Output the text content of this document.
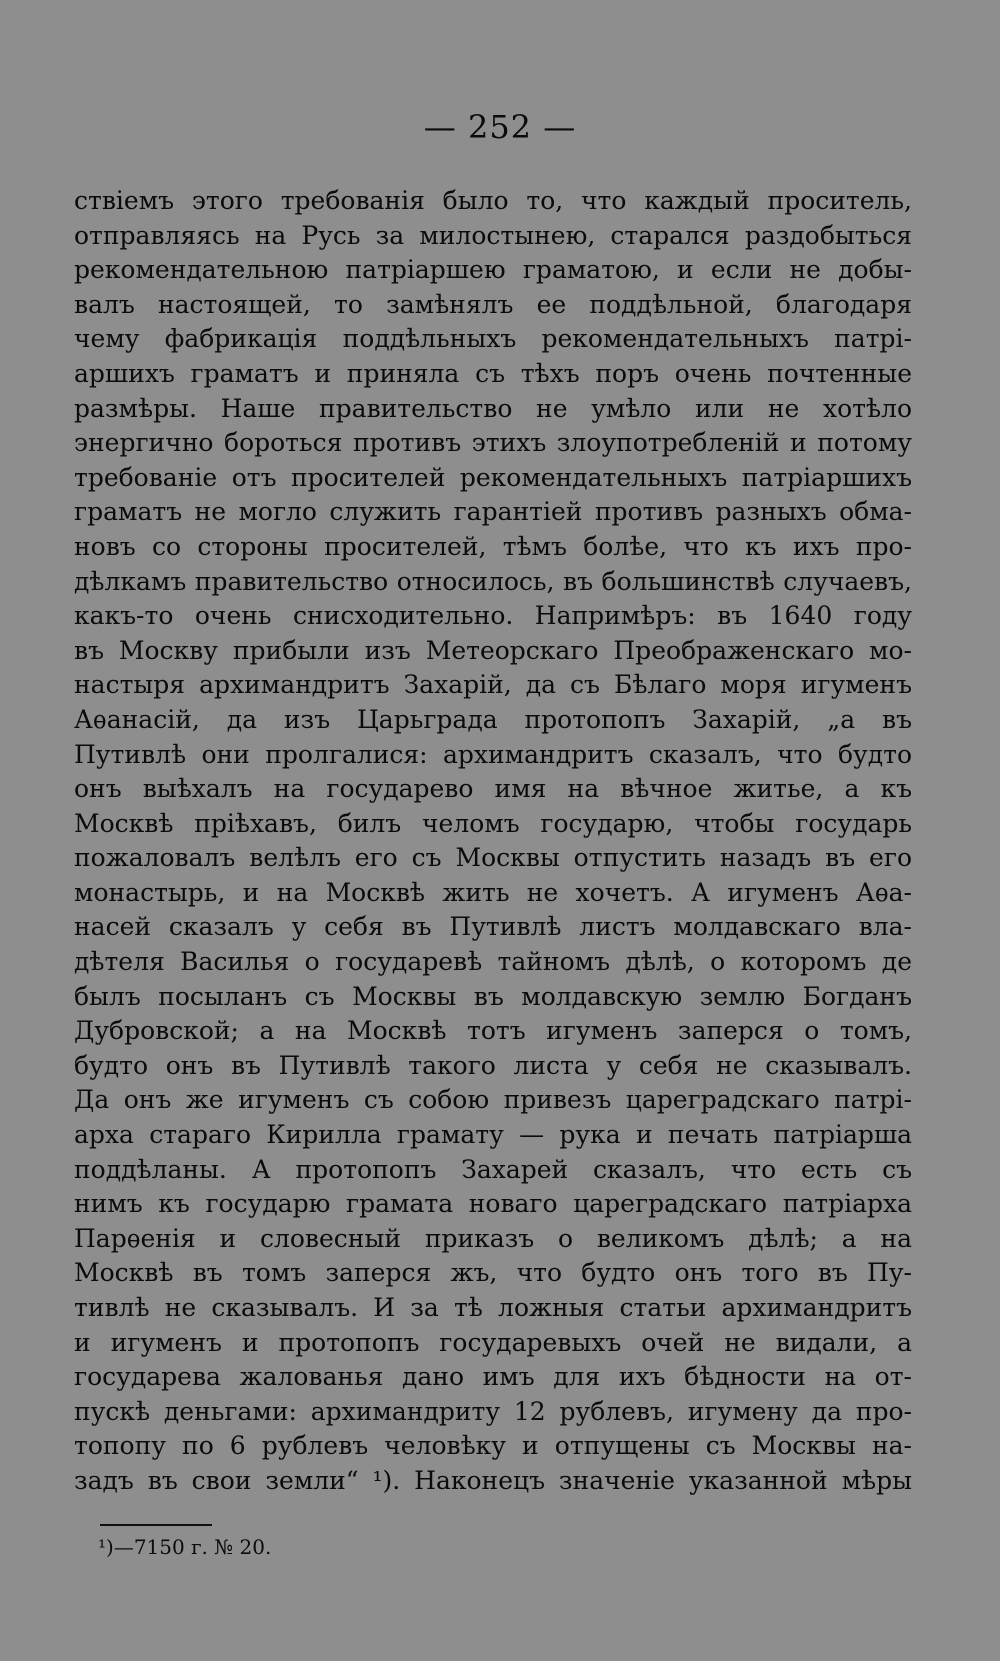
— 252 —
ствіемъ этого требованія было то, что каждый проситель,
отправляясь на Русь за милостынею, старался раздобыться
рекомендательною патріаршею граматою, и если не добы-
валъ настоящей, то замѣнялъ ее поддѣльной, благодаря
чему фабрикація поддѣльныхъ рекомендательныхъ патрі-
аршихъ граматъ и приняла съ тѣхъ поръ очень почтенные
размѣры. Наше правительство не умѣло или не хотѣло
энергично бороться противъ этихъ злоупотребленій и потому
требованіе отъ просителей рекомендательныхъ патріаршихъ
граматъ не могло служить гарантіей противъ разныхъ обма-
новъ со стороны просителей, тѣмъ болѣе, что къ ихъ про-
дѣлкамъ правительство относилось, въ большинствѣ случаевъ,
какъ-то очень снисходительно. Напримѣръ: въ 1640 году
въ Москву прибыли изъ Метеорскаго Преображенскаго мо-
настыря архимандритъ Захарій, да съ Бѣлаго моря игуменъ
Аѳанасій, да изъ Царьграда протопопъ Захарій, „а въ
Путивлѣ они пролгалися: архимандритъ сказалъ, что будто
онъ выѣхалъ на государево имя на вѣчное житье, а къ
Москвѣ пріѣхавъ, билъ челомъ государю, чтобы государь
пожаловалъ велѣлъ его съ Москвы отпустить назадъ въ его
монастырь, и на Москвѣ жить не хочетъ. А игуменъ Аѳа-
насей сказалъ у себя въ Путивлѣ листъ молдавскаго вла-
дѣтеля Василья о государевѣ тайномъ дѣлѣ, о которомъ де
былъ посыланъ съ Москвы въ молдавскую землю Богданъ
Дубровской; а на Москвѣ тотъ игуменъ заперся о томъ,
будто онъ въ Путивлѣ такого листа у себя не сказывалъ.
Да онъ же игуменъ съ собою привезъ цареградскаго патрі-
арха стараго Кирилла грамату — рука и печать патріарша
поддѣланы. А протопопъ Захарей сказалъ, что есть съ
нимъ къ государю грамата новаго цареградскаго патріарха
Парѳенія и словесный приказъ о великомъ дѣлѣ; а на
Москвѣ въ томъ заперся жъ, что будто онъ того въ Пу-
тивлѣ не сказывалъ. И за тѣ ложныя статьи архимандритъ
и игуменъ и протопопъ государевыхъ очей не видали, а
государева жалованья дано имъ для ихъ бѣдности на от-
пускѣ деньгами: архимандриту 12 рублевъ, игумену да про-
топопу по 6 рублевъ человѣку и отпущены съ Москвы на-
задъ въ свои земли“ ¹). Наконецъ значеніе указанной мѣры
¹)—7150 г. № 20.
